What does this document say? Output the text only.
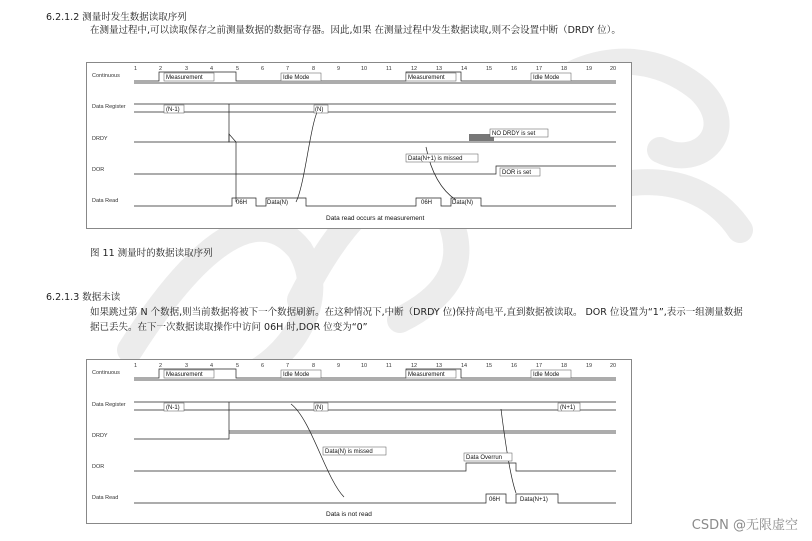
6.2.1.2 测量时发生数据读取序列
在测量过程中,可以读取保存之前测量数据的数据寄存器。因此,如果 在测量过程中发生数据读取,则不会设置中断（DRDY 位）。
1	2	3	4	5	6	7	8	9	10	11	12	13	14	15	16	17	18	19	20
Continuous
Data Register
DRDY
DOR
Data Read
Measurement	Idle Mode	Measurement	Idle Mode
(N-1)	(N)
NO DRDY is set
Data(N+1) is missed
DOR is set
06H	Data(N)	06H	Data(N)
Data read occurs at measurement
图 11 测量时的数据读取序列
6.2.1.3 数据未读
如果跳过第 N 个数据,则当前数据将被下一个数据刷新。在这种情况下,中断（DRDY 位)保持高电平,直到数据被读取。 DOR 位设置为“1”,表示一组测量数据
据已丢失。在下一次数据读取操作中访问 06H 时,DOR 位变为“0”
1	2	3	4	5	6	7	8	9	10	11	12	13	14	15	16	17	18	19	20
Continuous
Data Register
DRDY
DOR
Data Read
Measurement	Idle Mode	Measurement	Idle Mode
(N-1)	(N)	(N+1)
Data(N) is missed
Data Overrun
06H	Data(N+1)
Data is not read
CSDN @无限虚空
